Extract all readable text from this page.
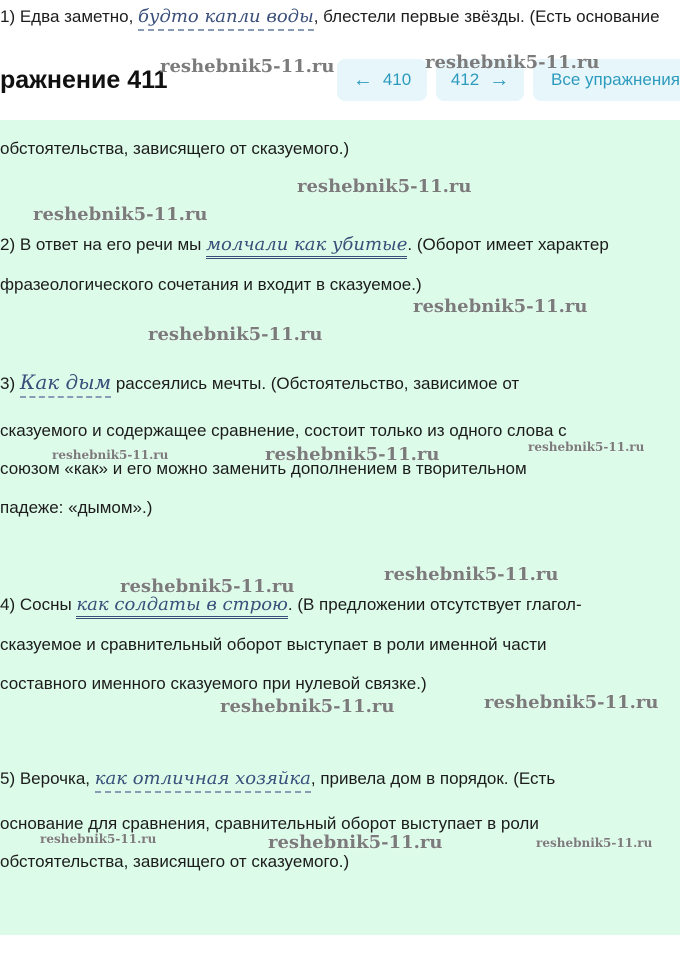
1) Едва заметно, будто капли воды, блестели первые звёзды. (Есть основание
ражнение 411	← 410 412 → Все упражнения
обстоятельства, зависящего от сказуемого.)
2) В ответ на его речи мы молчали как убитые. (Оборот имеет характер
фразеологического сочетания и входит в сказуемое.)
3) Как дым рассеялись мечты. (Обстоятельство, зависимое от
сказуемого и содержащее сравнение, состоит только из одного слова с
союзом «как» и его можно заменить дополнением в творительном
падеже: «дымом».)
4) Сосны как солдаты в строю. (В предложении отсутствует глагол-
сказуемое и сравнительный оборот выступает в роли именной части
составного именного сказуемого при нулевой связке.)
5) Верочка, как отличная хозяйка, привела дом в порядок. (Есть
основание для сравнения, сравнительный оборот выступает в роли
обстоятельства, зависящего от сказуемого.)
reshebnik5-11.ru	reshebnik5-11.ru
reshebnik5-11.ru
reshebnik5-11.ru
reshebnik5-11.ru
reshebnik5-11.ru
reshebnik5-11.ru	reshebnik5-11.ru	reshebnik5-11.ru
reshebnik5-11.ru
reshebnik5-11.ru
reshebnik5-11.ru	reshebnik5-11.ru
reshebnik5-11.ru	reshebnik5-11.ru	reshebnik5-11.ru
